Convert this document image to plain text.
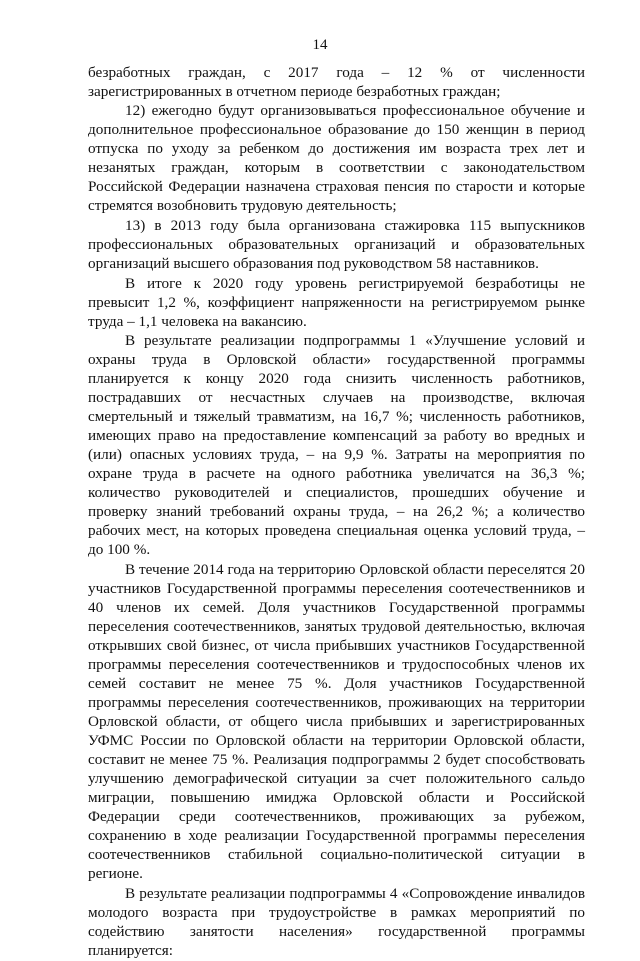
14

безработных граждан, с 2017 года – 12 % от численности зарегистрированных в отчетном периоде безработных граждан;

12) ежегодно будут организовываться профессиональное обучение и дополнительное профессиональное образование до 150 женщин в период отпуска по уходу за ребенком до достижения им возраста трех лет и незанятых граждан, которым в соответствии с законодательством Российской Федерации назначена страховая пенсия по старости и которые стремятся возобновить трудовую деятельность;

13) в 2013 году была организована стажировка 115 выпускников профессиональных образовательных организаций и образовательных организаций высшего образования под руководством 58 наставников.

В итоге к 2020 году уровень регистрируемой безработицы не превысит 1,2 %, коэффициент напряженности на регистрируемом рынке труда – 1,1 человека на вакансию.

В результате реализации подпрограммы 1 «Улучшение условий и охраны труда в Орловской области» государственной программы планируется к концу 2020 года снизить численность работников, пострадавших от несчастных случаев на производстве, включая смертельный и тяжелый травматизм, на 16,7 %; численность работников, имеющих право на предоставление компенсаций за работу во вредных и (или) опасных условиях труда, – на 9,9 %. Затраты на мероприятия по охране труда в расчете на одного работника увеличатся на 36,3 %; количество руководителей и специалистов, прошедших обучение и проверку знаний требований охраны труда, – на 26,2 %; а количество рабочих мест, на которых проведена специальная оценка условий труда, – до 100 %.

В течение 2014 года на территорию Орловской области переселятся 20 участников Государственной программы переселения соотечественников и 40 членов их семей. Доля участников Государственной программы переселения соотечественников, занятых трудовой деятельностью, включая открывших свой бизнес, от числа прибывших участников Государственной программы переселения соотечественников и трудоспособных членов их семей составит не менее 75 %. Доля участников Государственной программы переселения соотечественников, проживающих на территории Орловской области, от общего числа прибывших и зарегистрированных УФМС России по Орловской области на территории Орловской области, составит не менее 75 %. Реализация подпрограммы 2 будет способствовать улучшению демографической ситуации за счет положительного сальдо миграции, повышению имиджа Орловской области и Российской Федерации среди соотечественников, проживающих за рубежом, сохранению в ходе реализации Государственной программы переселения соотечественников стабильной социально-политической ситуации в регионе.

В результате реализации подпрограммы 4 «Сопровождение инвалидов молодого возраста при трудоустройстве в рамках мероприятий по содействию занятости населения» государственной программы планируется:
